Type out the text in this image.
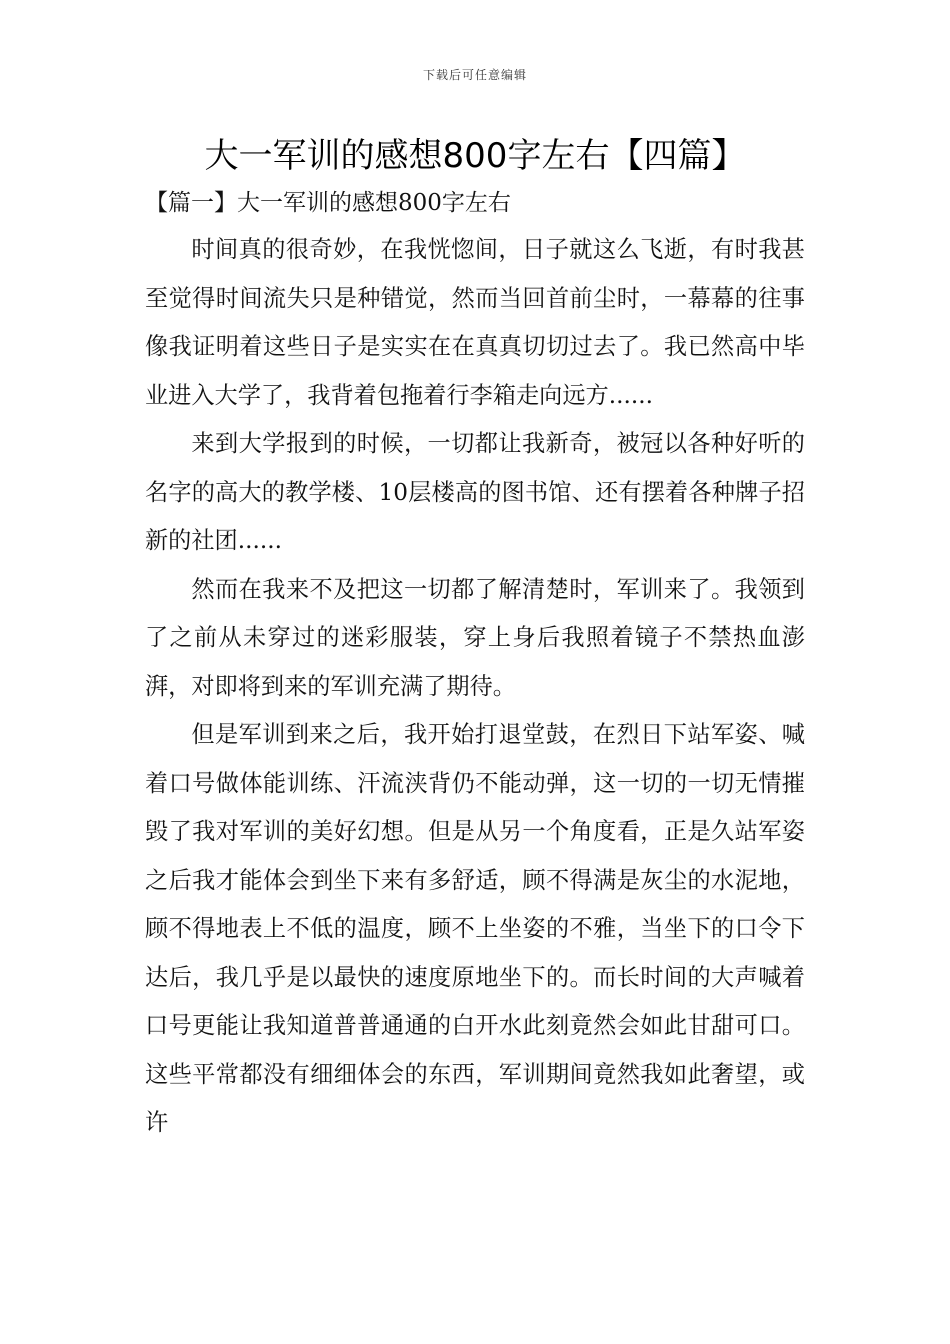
下载后可任意编辑
大一军训的感想800字左右【四篇】
【篇一】大一军训的感想800字左右

时间真的很奇妙，在我恍惚间，日子就这么飞逝，有时我甚至觉得时间流失只是种错觉，然而当回首前尘时，一幕幕的往事像我证明着这些日子是实实在在真真切切过去了。我已然高中毕业进入大学了，我背着包拖着行李箱走向远方......

来到大学报到的时候，一切都让我新奇，被冠以各种好听的名字的高大的教学楼、10层楼高的图书馆、还有摆着各种牌子招新的社团......

然而在我来不及把这一切都了解清楚时，军训来了。我领到了之前从未穿过的迷彩服装，穿上身后我照着镜子不禁热血澎湃，对即将到来的军训充满了期待。

但是军训到来之后，我开始打退堂鼓，在烈日下站军姿、喊着口号做体能训练、汗流浃背仍不能动弹，这一切的一切无情摧毁了我对军训的美好幻想。但是从另一个角度看，正是久站军姿之后我才能体会到坐下来有多舒适，顾不得满是灰尘的水泥地，顾不得地表上不低的温度，顾不上坐姿的不雅，当坐下的口令下达后，我几乎是以最快的速度原地坐下的。而长时间的大声喊着口号更能让我知道普普通通的白开水此刻竟然会如此甘甜可口。这些平常都没有细细体会的东西，军训期间竟然我如此奢望，或许
